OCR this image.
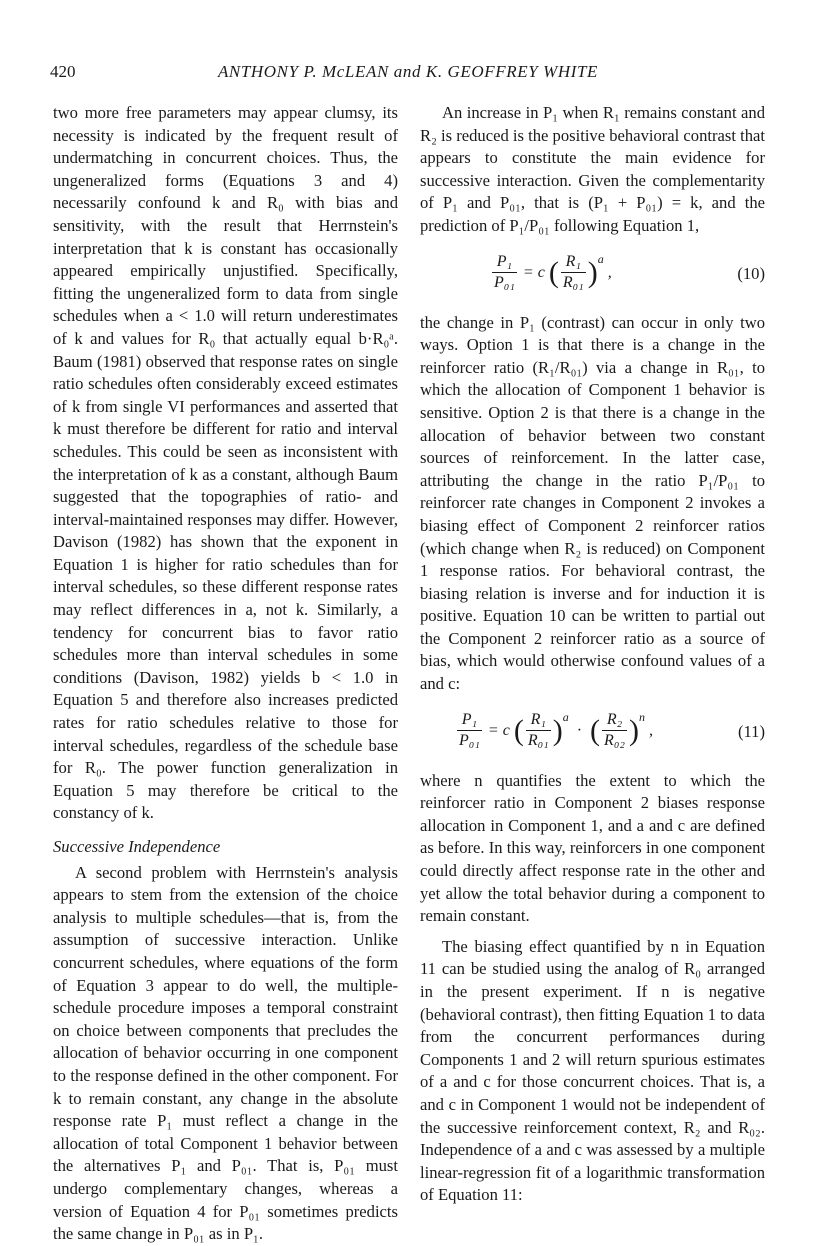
420	ANTHONY P. McLEAN and K. GEOFFREY WHITE

two more free parameters may appear clumsy, its necessity is indicated by the frequent result of undermatching in concurrent choices. Thus, the ungeneralized forms (Equations 3 and 4) necessarily confound k and R₀ with bias and sensitivity, with the result that Herrnstein's interpretation that k is constant has occasionally appeared empirically unjustified. Specifically, fitting the ungeneralized form to data from single schedules when a < 1.0 will return underestimates of k and values for R₀ that actually equal b·R₀ᵃ. Baum (1981) observed that response rates on single ratio schedules often considerably exceed estimates of k from single VI performances and asserted that k must therefore be different for ratio and interval schedules. This could be seen as inconsistent with the interpretation of k as a constant, although Baum suggested that the topographies of ratio- and interval-maintained responses may differ. However, Davison (1982) has shown that the exponent in Equation 1 is higher for ratio schedules than for interval schedules, so these different response rates may reflect differences in a, not k. Similarly, a tendency for concurrent bias to favor ratio schedules more than interval schedules in some conditions (Davison, 1982) yields b < 1.0 in Equation 5 and therefore also increases predicted rates for ratio schedules relative to those for interval schedules, regardless of the schedule base for R₀. The power function generalization in Equation 5 may therefore be critical to the constancy of k.

Successive Independence

A second problem with Herrnstein's analysis appears to stem from the extension of the choice analysis to multiple schedules—that is, from the assumption of successive interaction. Unlike concurrent schedules, where equations of the form of Equation 3 appear to do well, the multiple-schedule procedure imposes a temporal constraint on choice between components that precludes the allocation of behavior occurring in one component to the response defined in the other component. For k to remain constant, any change in the absolute response rate P₁ must reflect a change in the allocation of total Component 1 behavior between the alternatives P₁ and P₀₁. That is, P₀₁ must undergo complementary changes, whereas a version of Equation 4 for P₀₁ sometimes predicts the same change in P₀₁ as in P₁.

An increase in P₁ when R₁ remains constant and R₂ is reduced is the positive behavioral contrast that appears to constitute the main evidence for successive interaction. Given the complementarity of P₁ and P₀₁, that is (P₁ + P₀₁) = k, and the prediction of P₁/P₀₁ following Equation 1,

$\frac{\text{P₁}}{\text{P₀₁}} = c$ ( $\frac{\text{R₁}}{\text{R₀₁}} )^a$ ,	(10)

the change in P₁ (contrast) can occur in only two ways. Option 1 is that there is a change in the reinforcer ratio (R₁/R₀₁) via a change in R₀₁, to which the allocation of Component 1 behavior is sensitive. Option 2 is that there is a change in the allocation of behavior between two constant sources of reinforcement. In the latter case, attributing the change in the ratio P₁/P₀₁ to reinforcer rate changes in Component 2 invokes a biasing effect of Component 2 reinforcer ratios (which change when R₂ is reduced) on Component 1 response ratios. For behavioral contrast, the biasing relation is inverse and for induction it is positive. Equation 10 can be written to partial out the Component 2 reinforcer ratio as a source of bias, which would otherwise confound values of a and c:

$\frac{\text{P₁}}{\text{P₀₁}} = c$ ( $\frac{\text{R₁}}{\text{R₀₁}} )^a$ · ( $\frac{\text{R₂}}{\text{R₀₂}} )^n$ ,	(11)

where n quantifies the extent to which the reinforcer ratio in Component 2 biases response allocation in Component 1, and a and c are defined as before. In this way, reinforcers in one component could directly affect response rate in the other and yet allow the total behavior during a component to remain constant.

The biasing effect quantified by n in Equation 11 can be studied using the analog of R₀ arranged in the present experiment. If n is negative (behavioral contrast), then fitting Equation 1 to data from the concurrent performances during Components 1 and 2 will return spurious estimates of a and c for those concurrent choices. That is, a and c in Component 1 would not be independent of the successive reinforcement context, R₂ and R₀₂. Independence of a and c was assessed by a multiple linear-regression fit of a logarithmic transformation of Equation 11:
